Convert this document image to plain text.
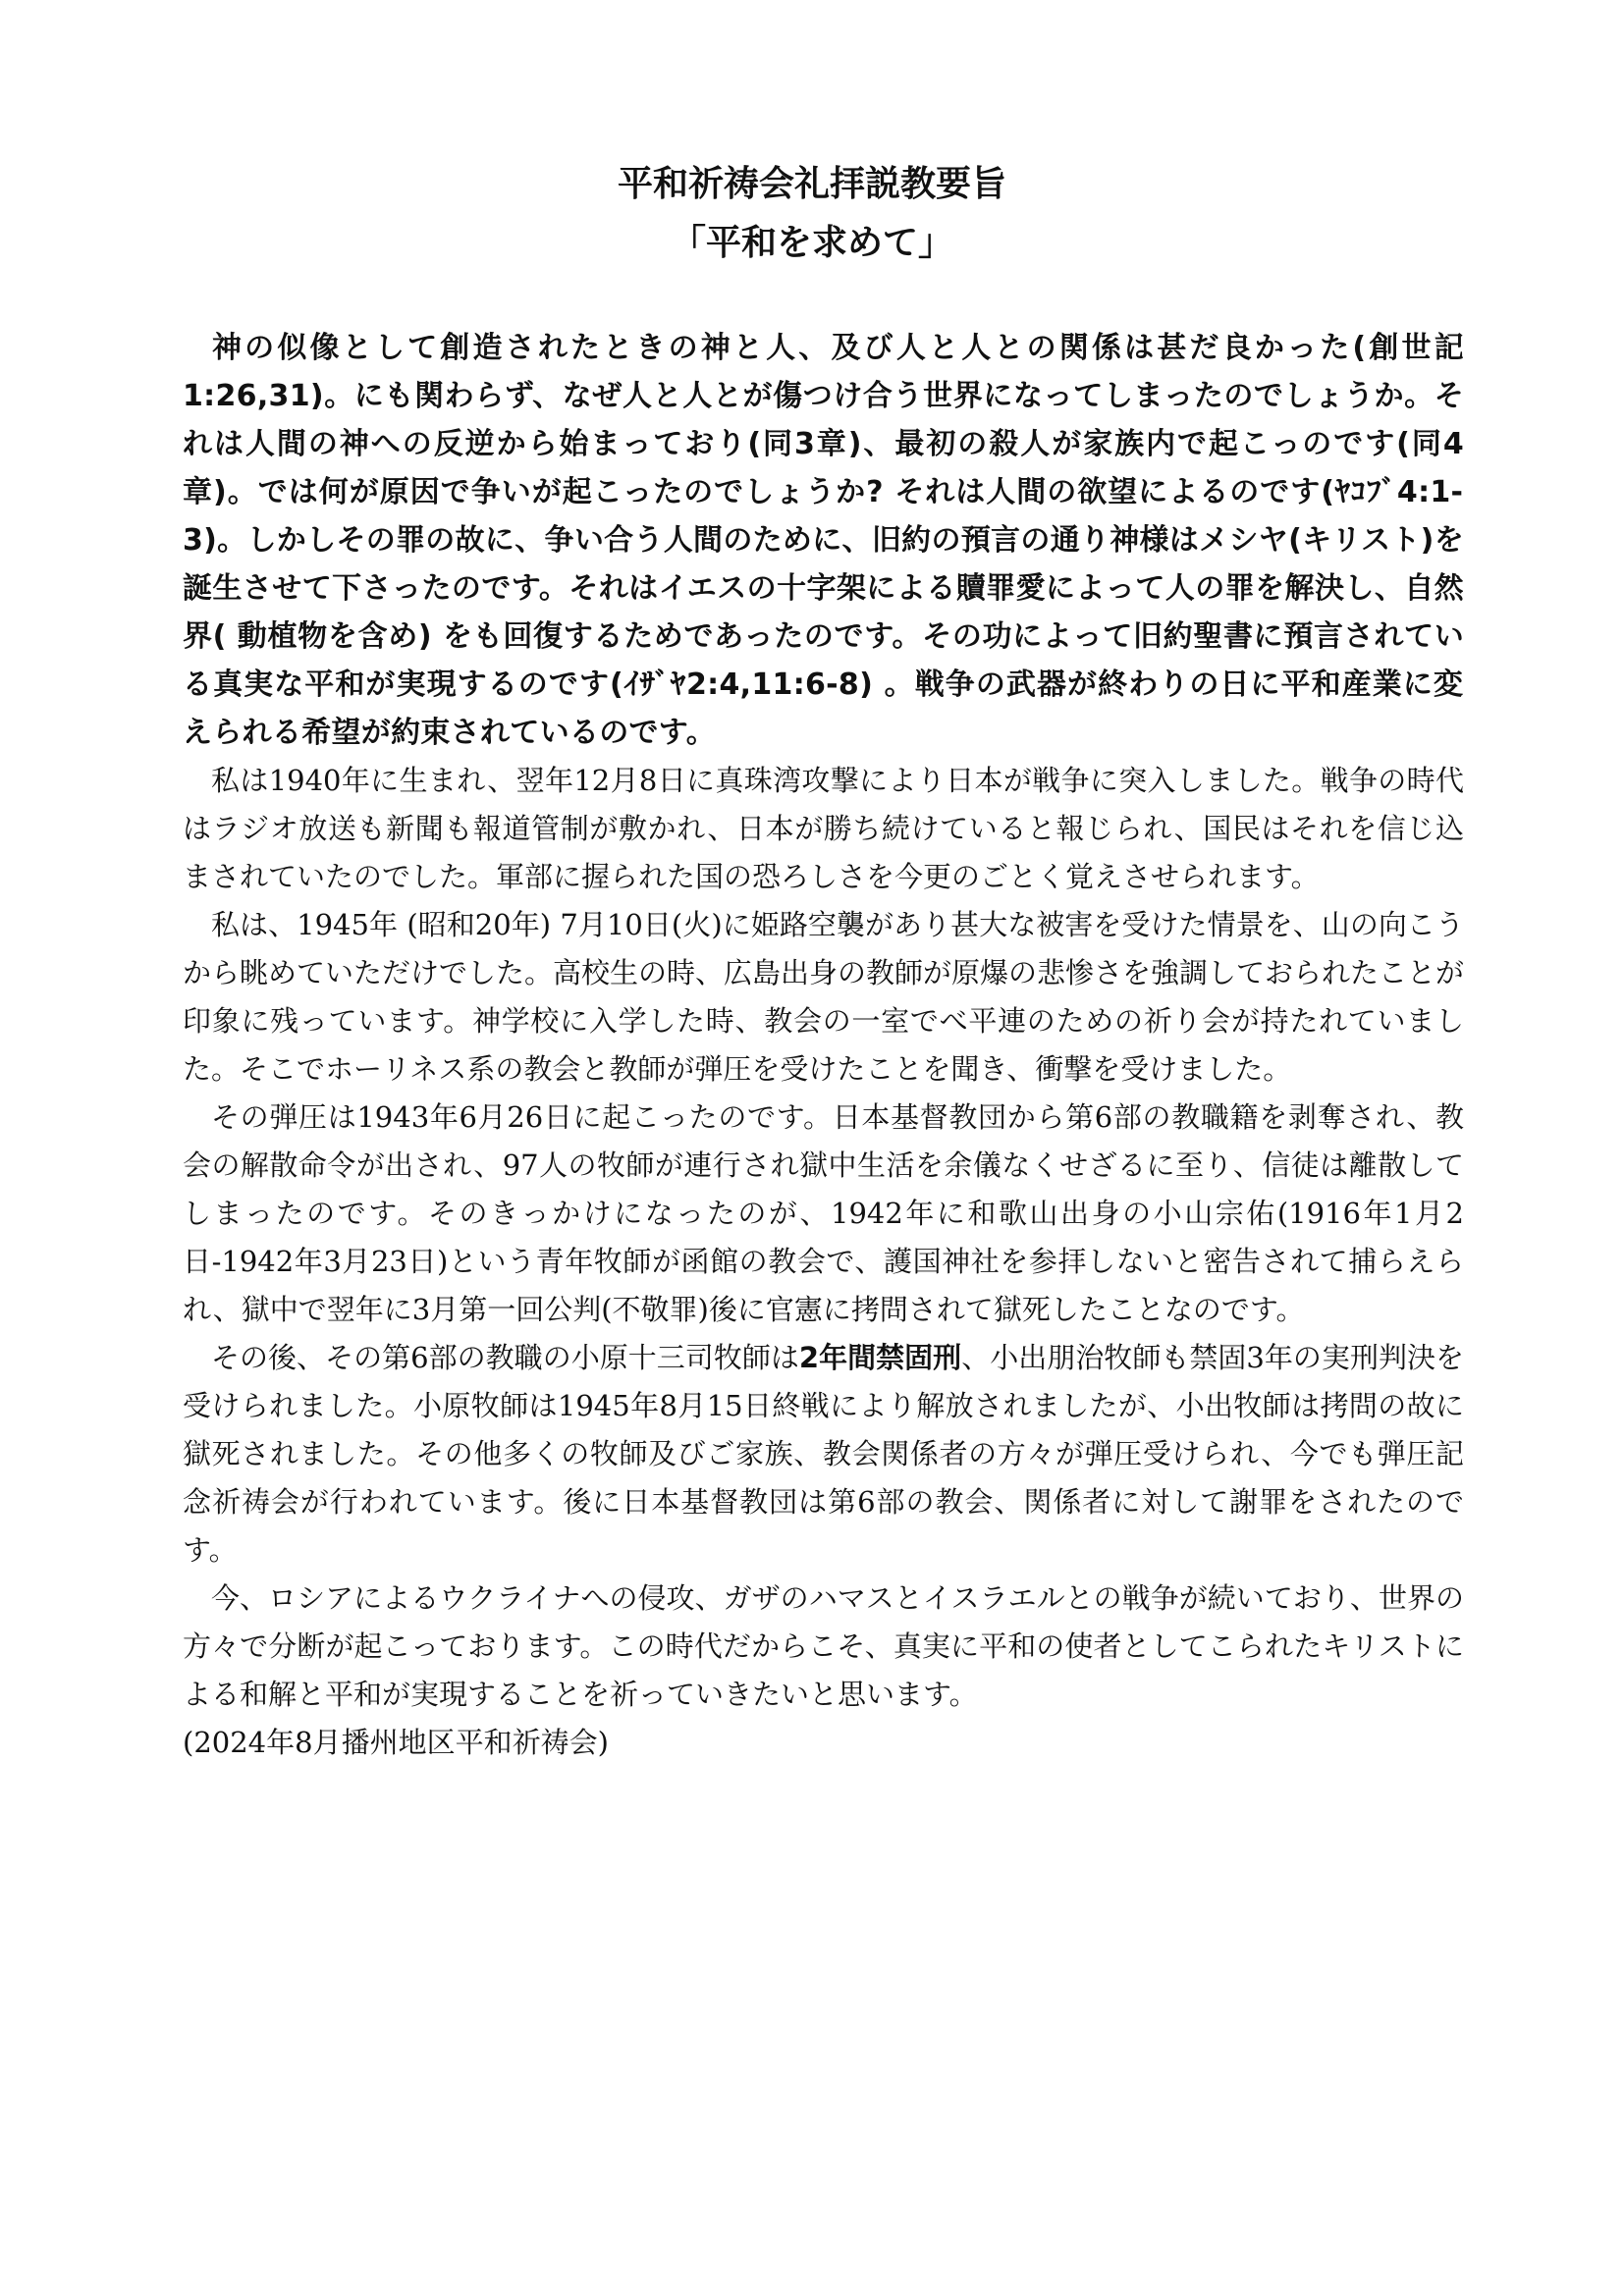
平和祈祷会礼拝説教要旨
「平和を求めて」

神の似像として創造されたときの神と人、及び人と人との関係は甚だ良かった(創世記1:26,31)。にも関わらず、なぜ人と人とが傷つけ合う世界になってしまったのでしょうか。それは人間の神への反逆から始まっており(同3章)、最初の殺人が家族内で起こっのです(同4章)。では何が原因で争いが起こったのでしょうか? それは人間の欲望によるのです(ﾔｺﾌﾞ4:1-3)。しかしその罪の故に、争い合う人間のために、旧約の預言の通り神様はメシヤ(キリスト)を誕生させて下さったのです。それはイエスの十字架による贖罪愛によって人の罪を解決し、自然界( 動植物を含め) をも回復するためであったのです。その功によって旧約聖書に預言されている真実な平和が実現するのです(ｲｻﾞﾔ2:4,11:6-8) 。戦争の武器が終わりの日に平和産業に変えられる希望が約束されているのです。

私は1940年に生まれ、翌年12月8日に真珠湾攻撃により日本が戦争に突入しました。戦争の時代はラジオ放送も新聞も報道管制が敷かれ、日本が勝ち続けていると報じられ、国民はそれを信じ込まされていたのでした。軍部に握られた国の恐ろしさを今更のごとく覚えさせられます。

私は、1945年 (昭和20年) 7月10日(火)に姫路空襲があり甚大な被害を受けた情景を、山の向こうから眺めていただけでした。高校生の時、広島出身の教師が原爆の悲惨さを強調しておられたことが印象に残っています。神学校に入学した時、教会の一室でべ平連のための祈り会が持たれていました。そこでホーリネス系の教会と教師が弾圧を受けたことを聞き、衝撃を受けました。

その弾圧は1943年6月26日に起こったのです。日本基督教団から第6部の教職籍を剥奪され、教会の解散命令が出され、97人の牧師が連行され獄中生活を余儀なくせざるに至り、信徒は離散してしまったのです。そのきっかけになったのが、1942年に和歌山出身の小山宗佑(1916年1月2日-1942年3月23日)という青年牧師が函館の教会で、護国神社を参拝しないと密告されて捕らえられ、獄中で翌年に3月第一回公判(不敬罪)後に官憲に拷問されて獄死したことなのです。

その後、その第6部の教職の小原十三司牧師は2年間禁固刑、小出朋治牧師も禁固3年の実刑判決を受けられました。小原牧師は1945年8月15日終戦により解放されましたが、小出牧師は拷問の故に獄死されました。その他多くの牧師及びご家族、教会関係者の方々が弾圧受けられ、今でも弾圧記念祈祷会が行われています。後に日本基督教団は第6部の教会、関係者に対して謝罪をされたのです。

今、ロシアによるウクライナへの侵攻、ガザのハマスとイスラエルとの戦争が続いており、世界の方々で分断が起こっております。この時代だからこそ、真実に平和の使者としてこられたキリストによる和解と平和が実現することを祈っていきたいと思います。

(2024年8月播州地区平和祈祷会)
